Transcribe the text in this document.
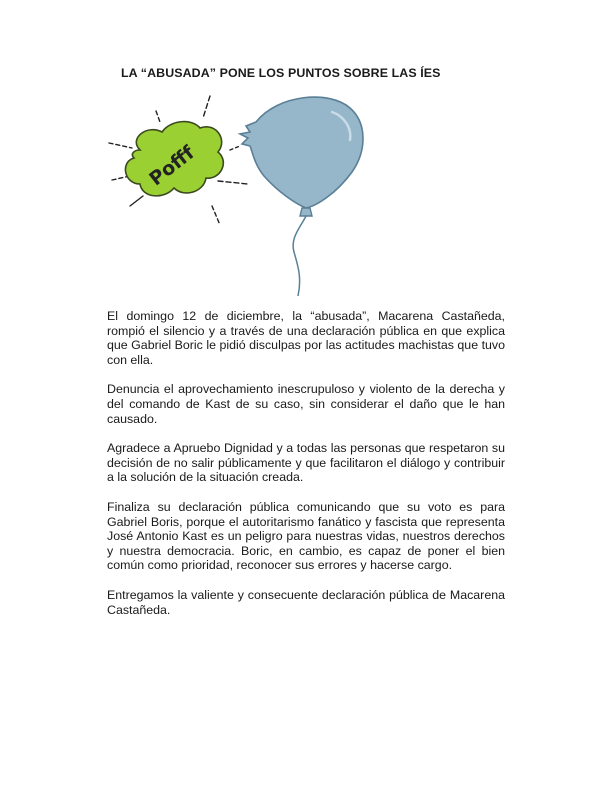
LA “ABUSADA” PONE LOS PUNTOS SOBRE LAS ÍES
Pofff

El domingo 12 de diciembre, la “abusada”, Macarena Castañeda, rompió el silencio y a través de una declaración pública en que explica que Gabriel Boric le pidió disculpas por las actitudes machistas que tuvo con ella.

Denuncia el aprovechamiento inescrupuloso y violento de la derecha y del comando de Kast de su caso, sin considerar el daño que le han causado.

Agradece a Apruebo Dignidad y a todas las personas que respetaron su decisión de no salir públicamente y que facilitaron el diálogo y contribuir a la solución de la situación creada.

Finaliza su declaración pública comunicando que su voto es para Gabriel Boris, porque el autoritarismo fanático y fascista que representa José Antonio Kast es un peligro para nuestras vidas, nuestros derechos y nuestra democracia. Boric, en cambio, es capaz de poner el bien común como prioridad, reconocer sus errores y hacerse cargo.

Entregamos la valiente y consecuente declaración pública de Macarena Castañeda.
